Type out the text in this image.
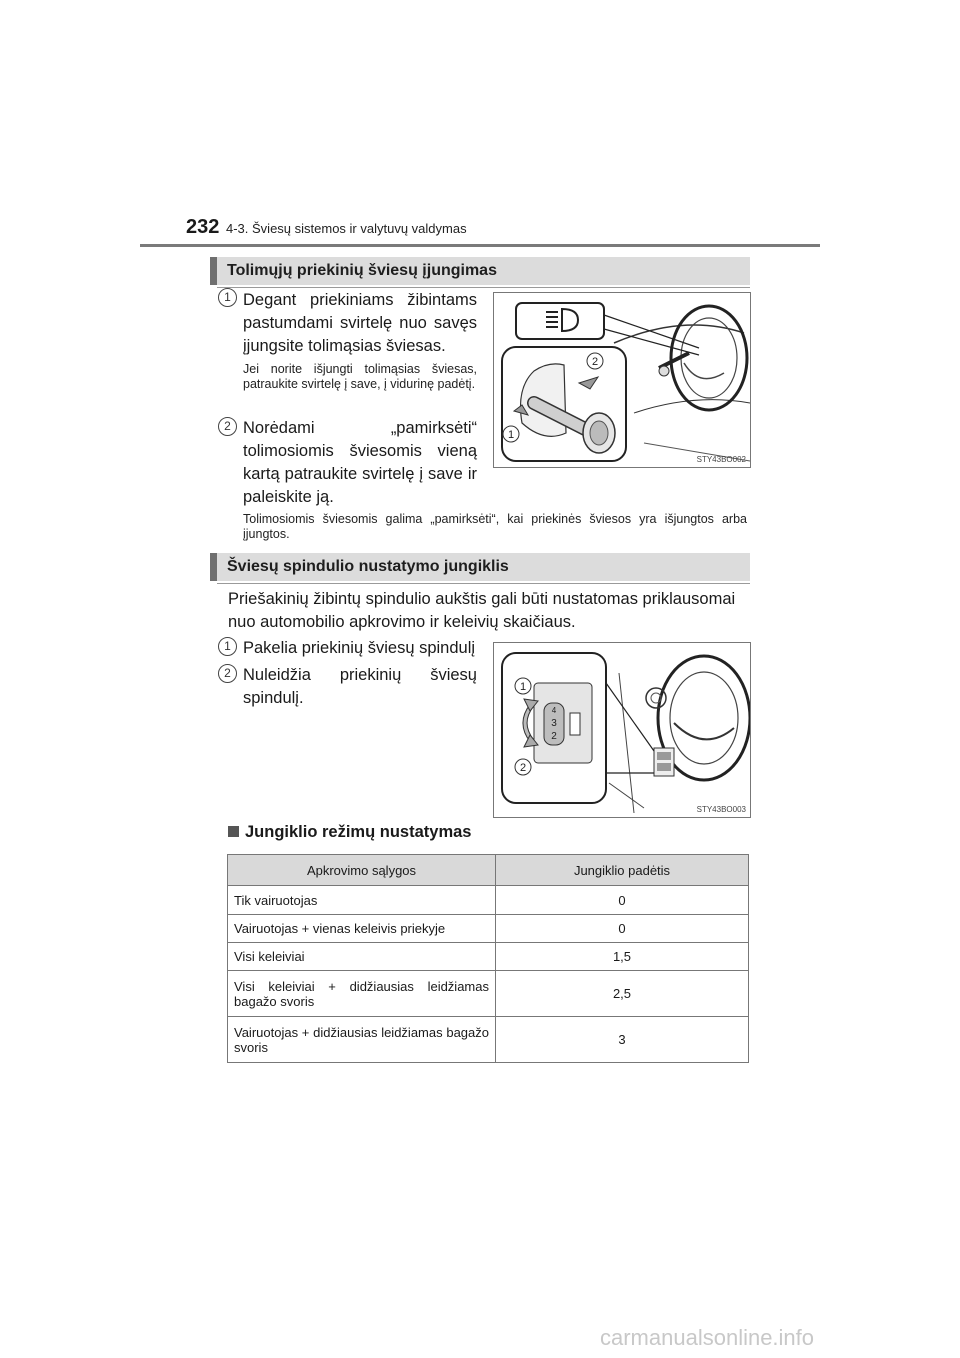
232 4-3. Šviesų sistemos ir valytuvų valdymas
Tolimųjų priekinių šviesų įjungimas
1 Degant priekiniams žibintams pastumdami svirtelę nuo savęs įjungsite tolimąsias šviesas.
Jei norite išjungti tolimąsias šviesas, patraukite svirtelę į save, į vidurinę padėtį.
2 Norėdami „pamirksėti“ tolimosiomis šviesomis vieną kartą patraukite svirtelę į save ir paleiskite ją.
Tolimosiomis šviesomis galima „pamirksėti“, kai priekinės šviesos yra išjungtos arba įjungtos.
2
1
STY43BO002
Šviesų spindulio nustatymo jungiklis
Priešakinių žibintų spindulio aukštis gali būti nustatomas priklausomai nuo automobilio apkrovimo ir keleivių skaičiaus.
1 Pakelia priekinių šviesų spindulį
2 Nuleidžia priekinių šviesų spindulį.
4
3
2
1
2
STY43BO003
Jungiklio režimų nustatymas
Apkrovimo sąlygos	Jungiklio padėtis
Tik vairuotojas	0
Vairuotojas + vienas keleivis priekyje	0
Visi keleiviai	1,5
Visi keleiviai + didžiausias leidžiamas bagažo svoris	2,5
Vairuotojas + didžiausias leidžiamas bagažo svoris	3
carmanualsonline.info
